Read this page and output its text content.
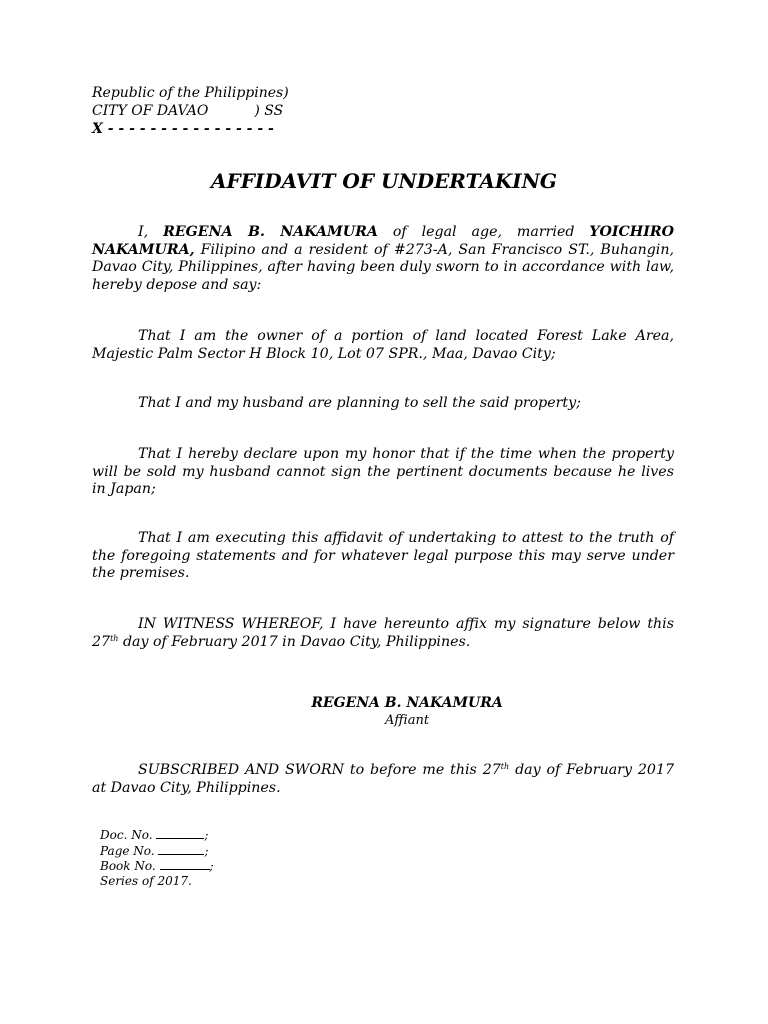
Republic of the Philippines)
CITY OF DAVAO	) SS
X - - - - - - - - - - - - - - - -
AFFIDAVIT OF UNDERTAKING
I, REGENA B. NAKAMURA of legal age, married YOICHIRO NAKAMURA, Filipino and a resident of #273-A, San Francisco ST., Buhangin, Davao City, Philippines, after having been duly sworn to in accordance with law, hereby depose and say:
That I am the owner of a portion of land located Forest Lake Area, Majestic Palm Sector H Block 10, Lot 07 SPR., Maa, Davao City;
That I and my husband are planning to sell the said property;
That I hereby declare upon my honor that if the time when the property will be sold my husband cannot sign the pertinent documents because he lives in Japan;
That I am executing this affidavit of undertaking to attest to the truth of the foregoing statements and for whatever legal purpose this may serve under the premises.
IN WITNESS WHEREOF, I have hereunto affix my signature below this 27th day of February 2017 in Davao City, Philippines.
REGENA B. NAKAMURA
Affiant
SUBSCRIBED AND SWORN to before me this 27th day of February 2017 at Davao City, Philippines.
Doc. No.	;
Page No.	;
Book No.	;
Series of 2017.
